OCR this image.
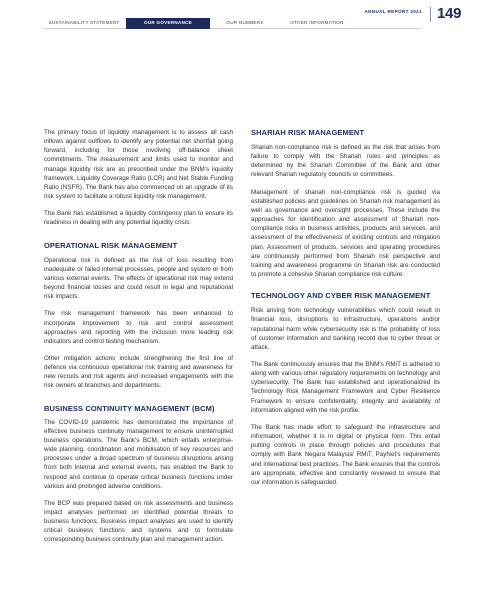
ANNUAL REPORT 2021 149
SUSTAINABILITY STATEMENT	OUR GOVERNANCE	OUR NUMBERS	OTHER INFORMATION

The primary focus of liquidity management is to assess all cash inflows against outflows to identify any potential net shortfall going forward, including for those involving off-balance sheet commitments. The measurement and limits used to monitor and manage liquidity risk are as prescribed under the BNM's liquidity framework, Liquidity Coverage Ratio (LCR) and Net Stable Funding Ratio (NSFR). The Bank has also commenced on an upgrade of its risk system to facilitate a robust liquidity risk management.

The Bank has established a liquidity contingency plan to ensure its readiness in dealing with any potential liquidity crisis.

OPERATIONAL RISK MANAGEMENT

Operational risk is defined as the risk of loss resulting from inadequate or failed internal processes, people and system or from various external events. The effects of operational risk may extend beyond financial losses and could result in legal and reputational risk impacts.

The risk management framework has been enhanced to incorporate improvement to risk and control assessment approaches and reporting with the inclusion more leading risk indicators and control testing mechanism.

Other mitigation actions include strengthening the first line of defence via continuous operational risk training and awareness for new recruits and risk agents and increased engagements with the risk owners at branches and departments.

BUSINESS CONTINUITY MANAGEMENT (BCM)

The COVID-19 pandemic has demonstrated the importance of effective business continuity management to ensure uninterrupted business operations. The Bank's BCM, which entails enterprise-wide planning, coordination and mobilisation of key resources and processes under a broad spectrum of business disruptions arising from both internal and external events, has enabled the Bank to respond and continue to operate critical business functions under various and prolonged adverse conditions.

The BCP was prepared based on risk assessments and business impact analyses performed on identified potential threats to business functions. Business impact analyses are used to identify critical business functions and systems and to formulate corresponding business continuity plan and management action.

SHARIAH RISK MANAGEMENT

Shariah non-compliance risk is defined as the risk that arises from failure to comply with the Shariah rules and principles as determined by the Shariah Committee of the Bank and other relevant Shariah regulatory councils or committees.

Management of shariah non-compliance risk is guided via established policies and guidelines on Shariah risk management as well as governance and oversight processes. These include the approaches for identification and assessment of Shariah non-compliance risks in business activities, products and services, and assessment of the effectiveness of existing controls and mitigation plan. Assessment of products, services and operating procedures are continuously performed from Shariah risk perspective and training and awareness programme on Shariah risk are conducted to promote a cohesive Shariah compliance risk culture.

TECHNOLOGY AND CYBER RISK MANAGEMENT

Risk arising from technology vulnerabilities which could result in financial loss, disruptions to infrastructure, operations and/or reputational harm while cybersecurity risk is the probability of loss of customer information and banking record due to cyber threat or attack.

The Bank continuously ensures that the BNM's RMiT is adhered to along with various other regulatory requirements on technology and cybersecurity. The Bank has established and operationalized its Technology Risk Management Framework and Cyber Resilience Framework to ensure confidentiality, integrity and availability of information aligned with the risk profile.

The Bank has made effort to safeguard the infrastructure and information, whether it is in digital or physical form. This entail putting controls in place through policies and procedures that comply with Bank Negara Malaysia' RMiT, PayNet's requirements and international best practices. The Bank ensures that the controls are appropriate, effective and constantly reviewed to ensure that our information is safeguarded.
